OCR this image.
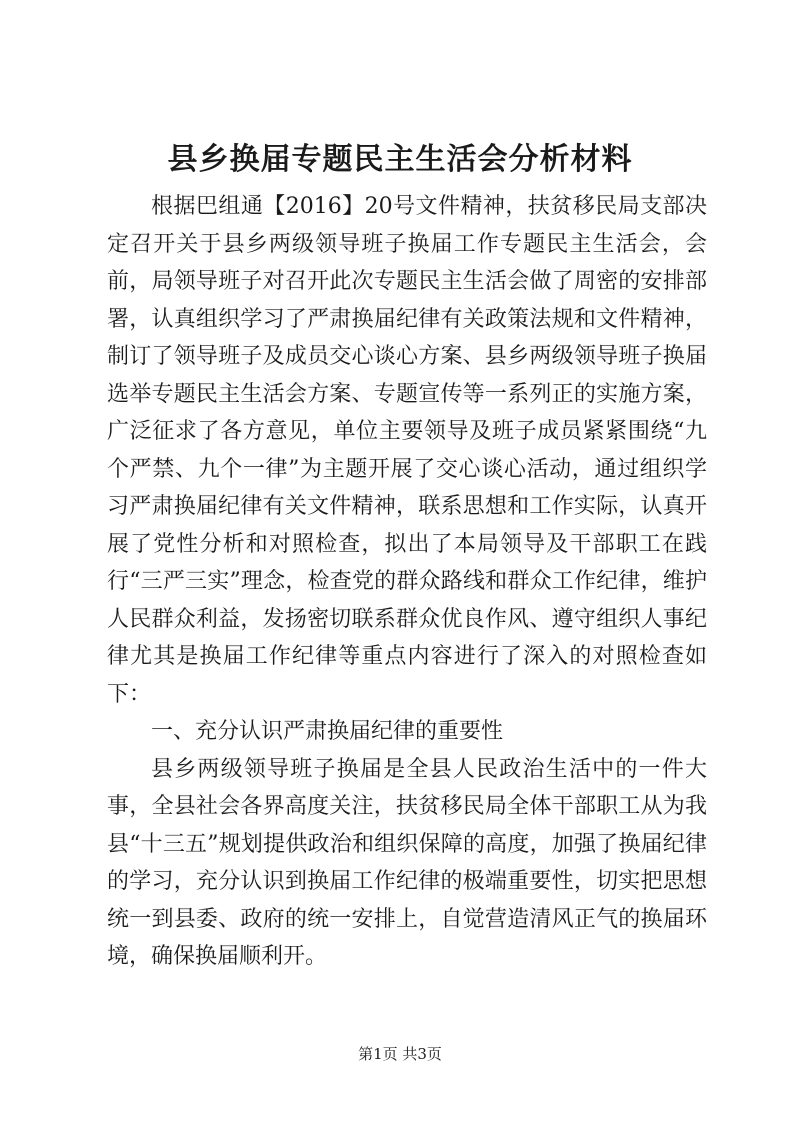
县乡换届专题民主生活会分析材料

根据巴组通【2016】20号文件精神，扶贫移民局支部决定召开关于县乡两级领导班子换届工作专题民主生活会，会前，局领导班子对召开此次专题民主生活会做了周密的安排部署，认真组织学习了严肃换届纪律有关政策法规和文件精神，制订了领导班子及成员交心谈心方案、县乡两级领导班子换届选举专题民主生活会方案、专题宣传等一系列正的实施方案，广泛征求了各方意见，单位主要领导及班子成员紧紧围绕“九个严禁、九个一律”为主题开展了交心谈心活动，通过组织学习严肃换届纪律有关文件精神，联系思想和工作实际，认真开展了党性分析和对照检查，拟出了本局领导及干部职工在践行“三严三实”理念，检查党的群众路线和群众工作纪律，维护人民群众利益，发扬密切联系群众优良作风、遵守组织人事纪律尤其是换届工作纪律等重点内容进行了深入的对照检查如下：

一、充分认识严肃换届纪律的重要性

县乡两级领导班子换届是全县人民政治生活中的一件大事，全县社会各界高度关注，扶贫移民局全体干部职工从为我县“十三五”规划提供政治和组织保障的高度，加强了换届纪律的学习，充分认识到换届工作纪律的极端重要性，切实把思想统一到县委、政府的统一安排上，自觉营造清风正气的换届环境，确保换届顺利开。

第1页 共3页
